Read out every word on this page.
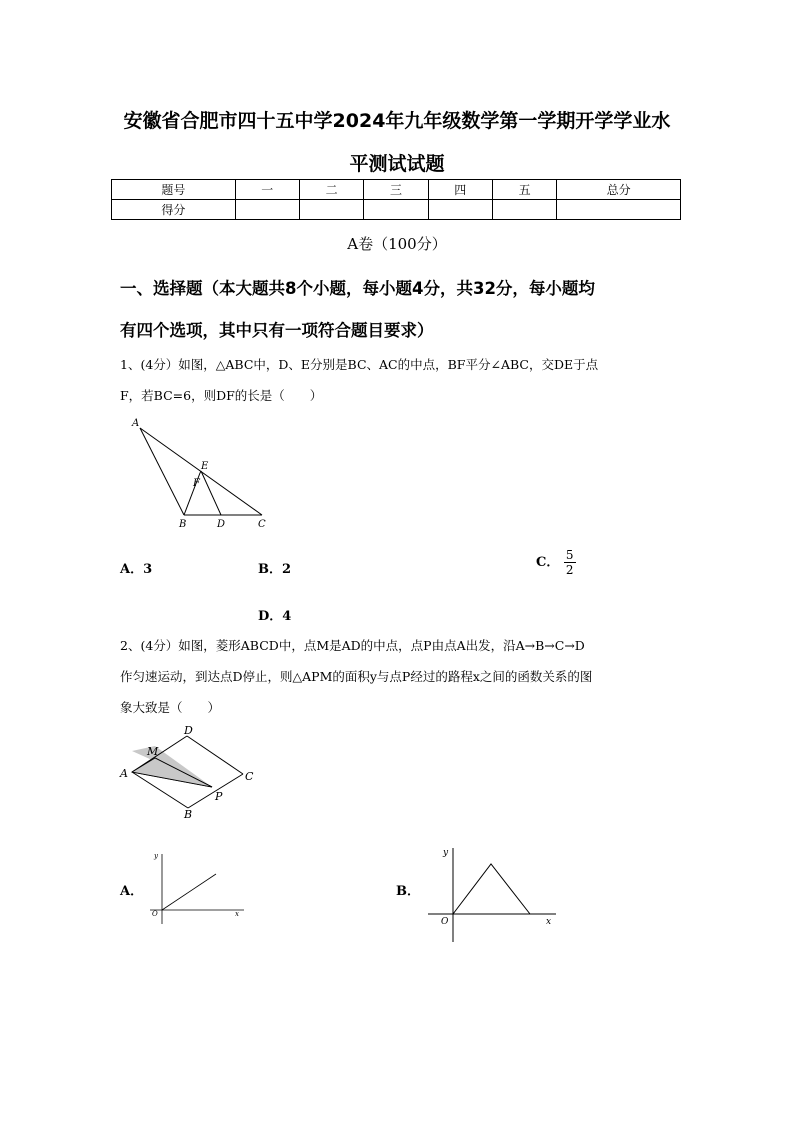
安徽省合肥市四十五中学2024年九年级数学第一学期开学学业水
平测试试题
题号	一	二	三	四	五	总分
得分						
A卷（100分）
一、选择题（本大题共8个小题，每小题4分，共32分，每小题均
有四个选项，其中只有一项符合题目要求）
1、(4分）如图，△ABC中，D、E分别是BC、AC的中点，BF平分∠ABC，交DE于点
F，若BC=6，则DF的长是（　　）
A
B	C
D
E
F
A．3	B．2	C． $\frac{5}{2}$
D．4
2、(4分）如图，菱形ABCD中，点M是AD的中点，点P由点A出发，沿A→B→C→D
作匀速运动，到达点D停止，则△APM的面积y与点P经过的路程x之间的函数关系的图
象大致是（　　）
A
M
D
C
P
B
A．
y
x
O
B．
y
x
O
